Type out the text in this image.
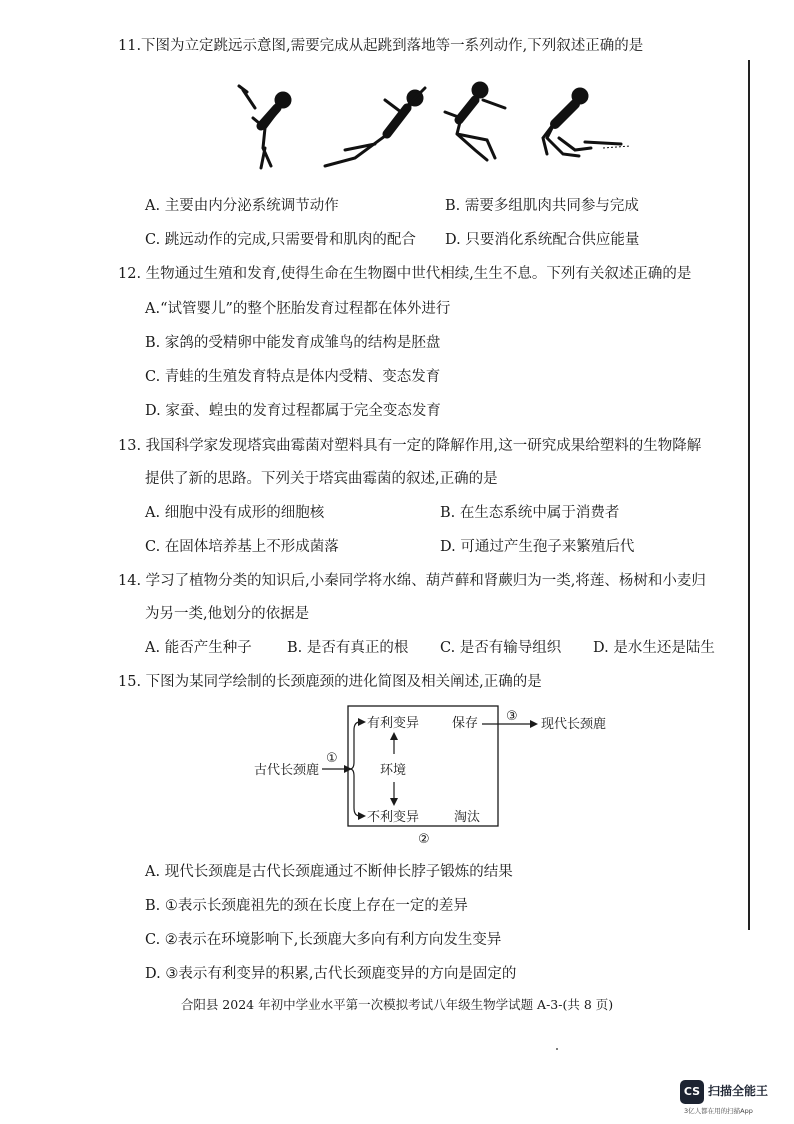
11.下图为立定跳远示意图,需要完成从起跳到落地等一系列动作,下列叙述正确的是
A. 主要由内分泌系统调节动作	B. 需要多组肌肉共同参与完成
C. 跳远动作的完成,只需要骨和肌肉的配合 D. 只要消化系统配合供应能量
12. 生物通过生殖和发育,使得生命在生物圈中世代相续,生生不息。下列有关叙述正确的是
A.“试管婴儿”的整个胚胎发育过程都在体外进行
B. 家鸽的受精卵中能发育成雏鸟的结构是胚盘
C. 青蛙的生殖发育特点是体内受精、变态发育
D. 家蚕、蝗虫的发育过程都属于完全变态发育
13. 我国科学家发现塔宾曲霉菌对塑料具有一定的降解作用,这一研究成果给塑料的生物降解
提供了新的思路。下列关于塔宾曲霉菌的叙述,正确的是
A. 细胞中没有成形的细胞核	B. 在生态系统中属于消费者
C. 在固体培养基上不形成菌落	D. 可通过产生孢子来繁殖后代
14. 学习了植物分类的知识后,小秦同学将水绵、葫芦藓和肾蕨归为一类,将莲、杨树和小麦归
为另一类,他划分的依据是
A. 能否产生种子 B. 是否有真正的根 C. 是否有输导组织 D. 是水生还是陆生
15. 下图为某同学绘制的长颈鹿颈的进化简图及相关阐述,正确的是
古代长颈鹿
①
有利变异
不利变异
环境
保存
淘汰
③
现代长颈鹿
②
A. 现代长颈鹿是古代长颈鹿通过不断伸长脖子锻炼的结果
B. ①表示长颈鹿祖先的颈在长度上存在一定的差异
C. ②表示在环境影响下,长颈鹿大多向有利方向发生变异
D. ③表示有利变异的积累,古代长颈鹿变异的方向是固定的
合阳县 2024 年初中学业水平第一次模拟考试八年级生物学试题 A-3-(共 8 页)
CS 扫描全能王
3亿人都在用的扫描App
